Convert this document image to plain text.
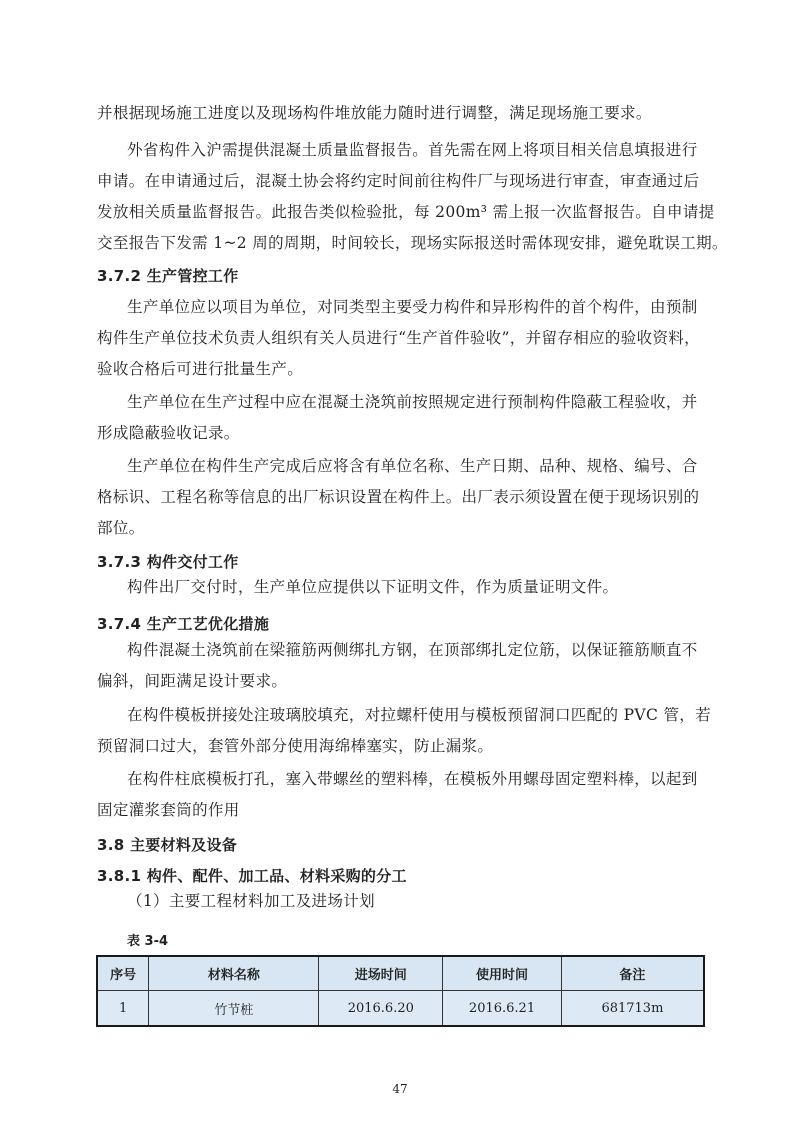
并根据现场施工进度以及现场构件堆放能力随时进行调整，满足现场施工要求。
外省构件入沪需提供混凝土质量监督报告。首先需在网上将项目相关信息填报进行
申请。在申请通过后，混凝土协会将约定时间前往构件厂与现场进行审查，审查通过后
发放相关质量监督报告。此报告类似检验批，每 200m³ 需上报一次监督报告。自申请提
交至报告下发需 1~2 周的周期，时间较长，现场实际报送时需体现安排，避免耽误工期。
3.7.2 生产管控工作
生产单位应以项目为单位，对同类型主要受力构件和异形构件的首个构件，由预制
构件生产单位技术负责人组织有关人员进行“生产首件验收”，并留存相应的验收资料，
验收合格后可进行批量生产。
生产单位在生产过程中应在混凝土浇筑前按照规定进行预制构件隐蔽工程验收，并
形成隐蔽验收记录。
生产单位在构件生产完成后应将含有单位名称、生产日期、品种、规格、编号、合
格标识、工程名称等信息的出厂标识设置在构件上。出厂表示须设置在便于现场识别的
部位。
3.7.3 构件交付工作
构件出厂交付时，生产单位应提供以下证明文件，作为质量证明文件。
3.7.4 生产工艺优化措施
构件混凝土浇筑前在梁箍筋两侧绑扎方钢，在顶部绑扎定位筋，以保证箍筋顺直不
偏斜，间距满足设计要求。
在构件模板拼接处注玻璃胶填充，对拉螺杆使用与模板预留洞口匹配的 PVC 管，若
预留洞口过大，套管外部分使用海绵棒塞实，防止漏浆。
在构件柱底模板打孔，塞入带螺丝的塑料棒，在模板外用螺母固定塑料棒，以起到
固定灌浆套筒的作用
3.8 主要材料及设备
3.8.1 构件、配件、加工品、材料采购的分工
（1）主要工程材料加工及进场计划
表 3-4
序号	材料名称	进场时间	使用时间	备注
1	竹节桩	2016.6.20	2016.6.21	681713m
47
